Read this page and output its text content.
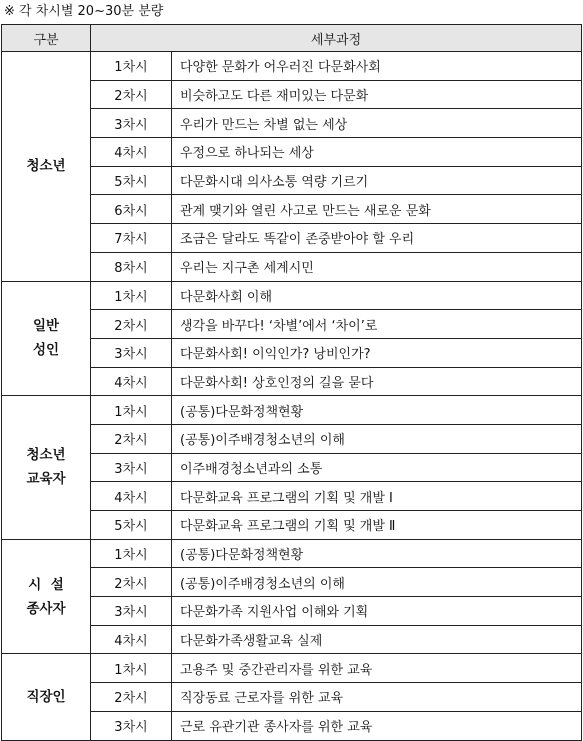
※ 각 차시별 20~30분 분량
구분	세부과정	

청소년	1차시	다양한 문화가 어우러진 다문화사회
	2차시	비슷하고도 다른 재미있는 다문화
	3차시	우리가 만드는 차별 없는 세상
	4차시	우정으로 하나되는 세상
	5차시	다문화시대 의사소통 역량 기르기
	6차시	관계 맺기와 열린 사고로 만드는 새로운 문화
	7차시	조금은 달라도 똑같이 존중받아야 할 우리
	8차시	우리는 지구촌 세계시민

일반
성인	1차시	다문화사회 이해
	2차시	생각을 바꾸다! ‘차별’에서 ‘차이’로
	3차시	다문화사회! 이익인가? 낭비인가?
	4차시	다문화사회! 상호인정의 길을 묻다

청소년
교육자	1차시	(공통)다문화정책현황
	2차시	(공통)이주배경청소년의 이해
	3차시	이주배경청소년과의 소통
	4차시	다문화교육 프로그램의 기획 및 개발 Ⅰ
	5차시	다문화교육 프로그램의 기획 및 개발 Ⅱ

시  설
종사자	1차시	(공통)다문화정책현황
	2차시	(공통)이주배경청소년의 이해
	3차시	다문화가족 지원사업 이해와 기획
	4차시	다문화가족생활교육 실제

직장인	1차시	고용주 및 중간관리자를 위한 교육
	2차시	직장동료 근로자를 위한 교육
	3차시	근로 유관기관 종사자를 위한 교육
